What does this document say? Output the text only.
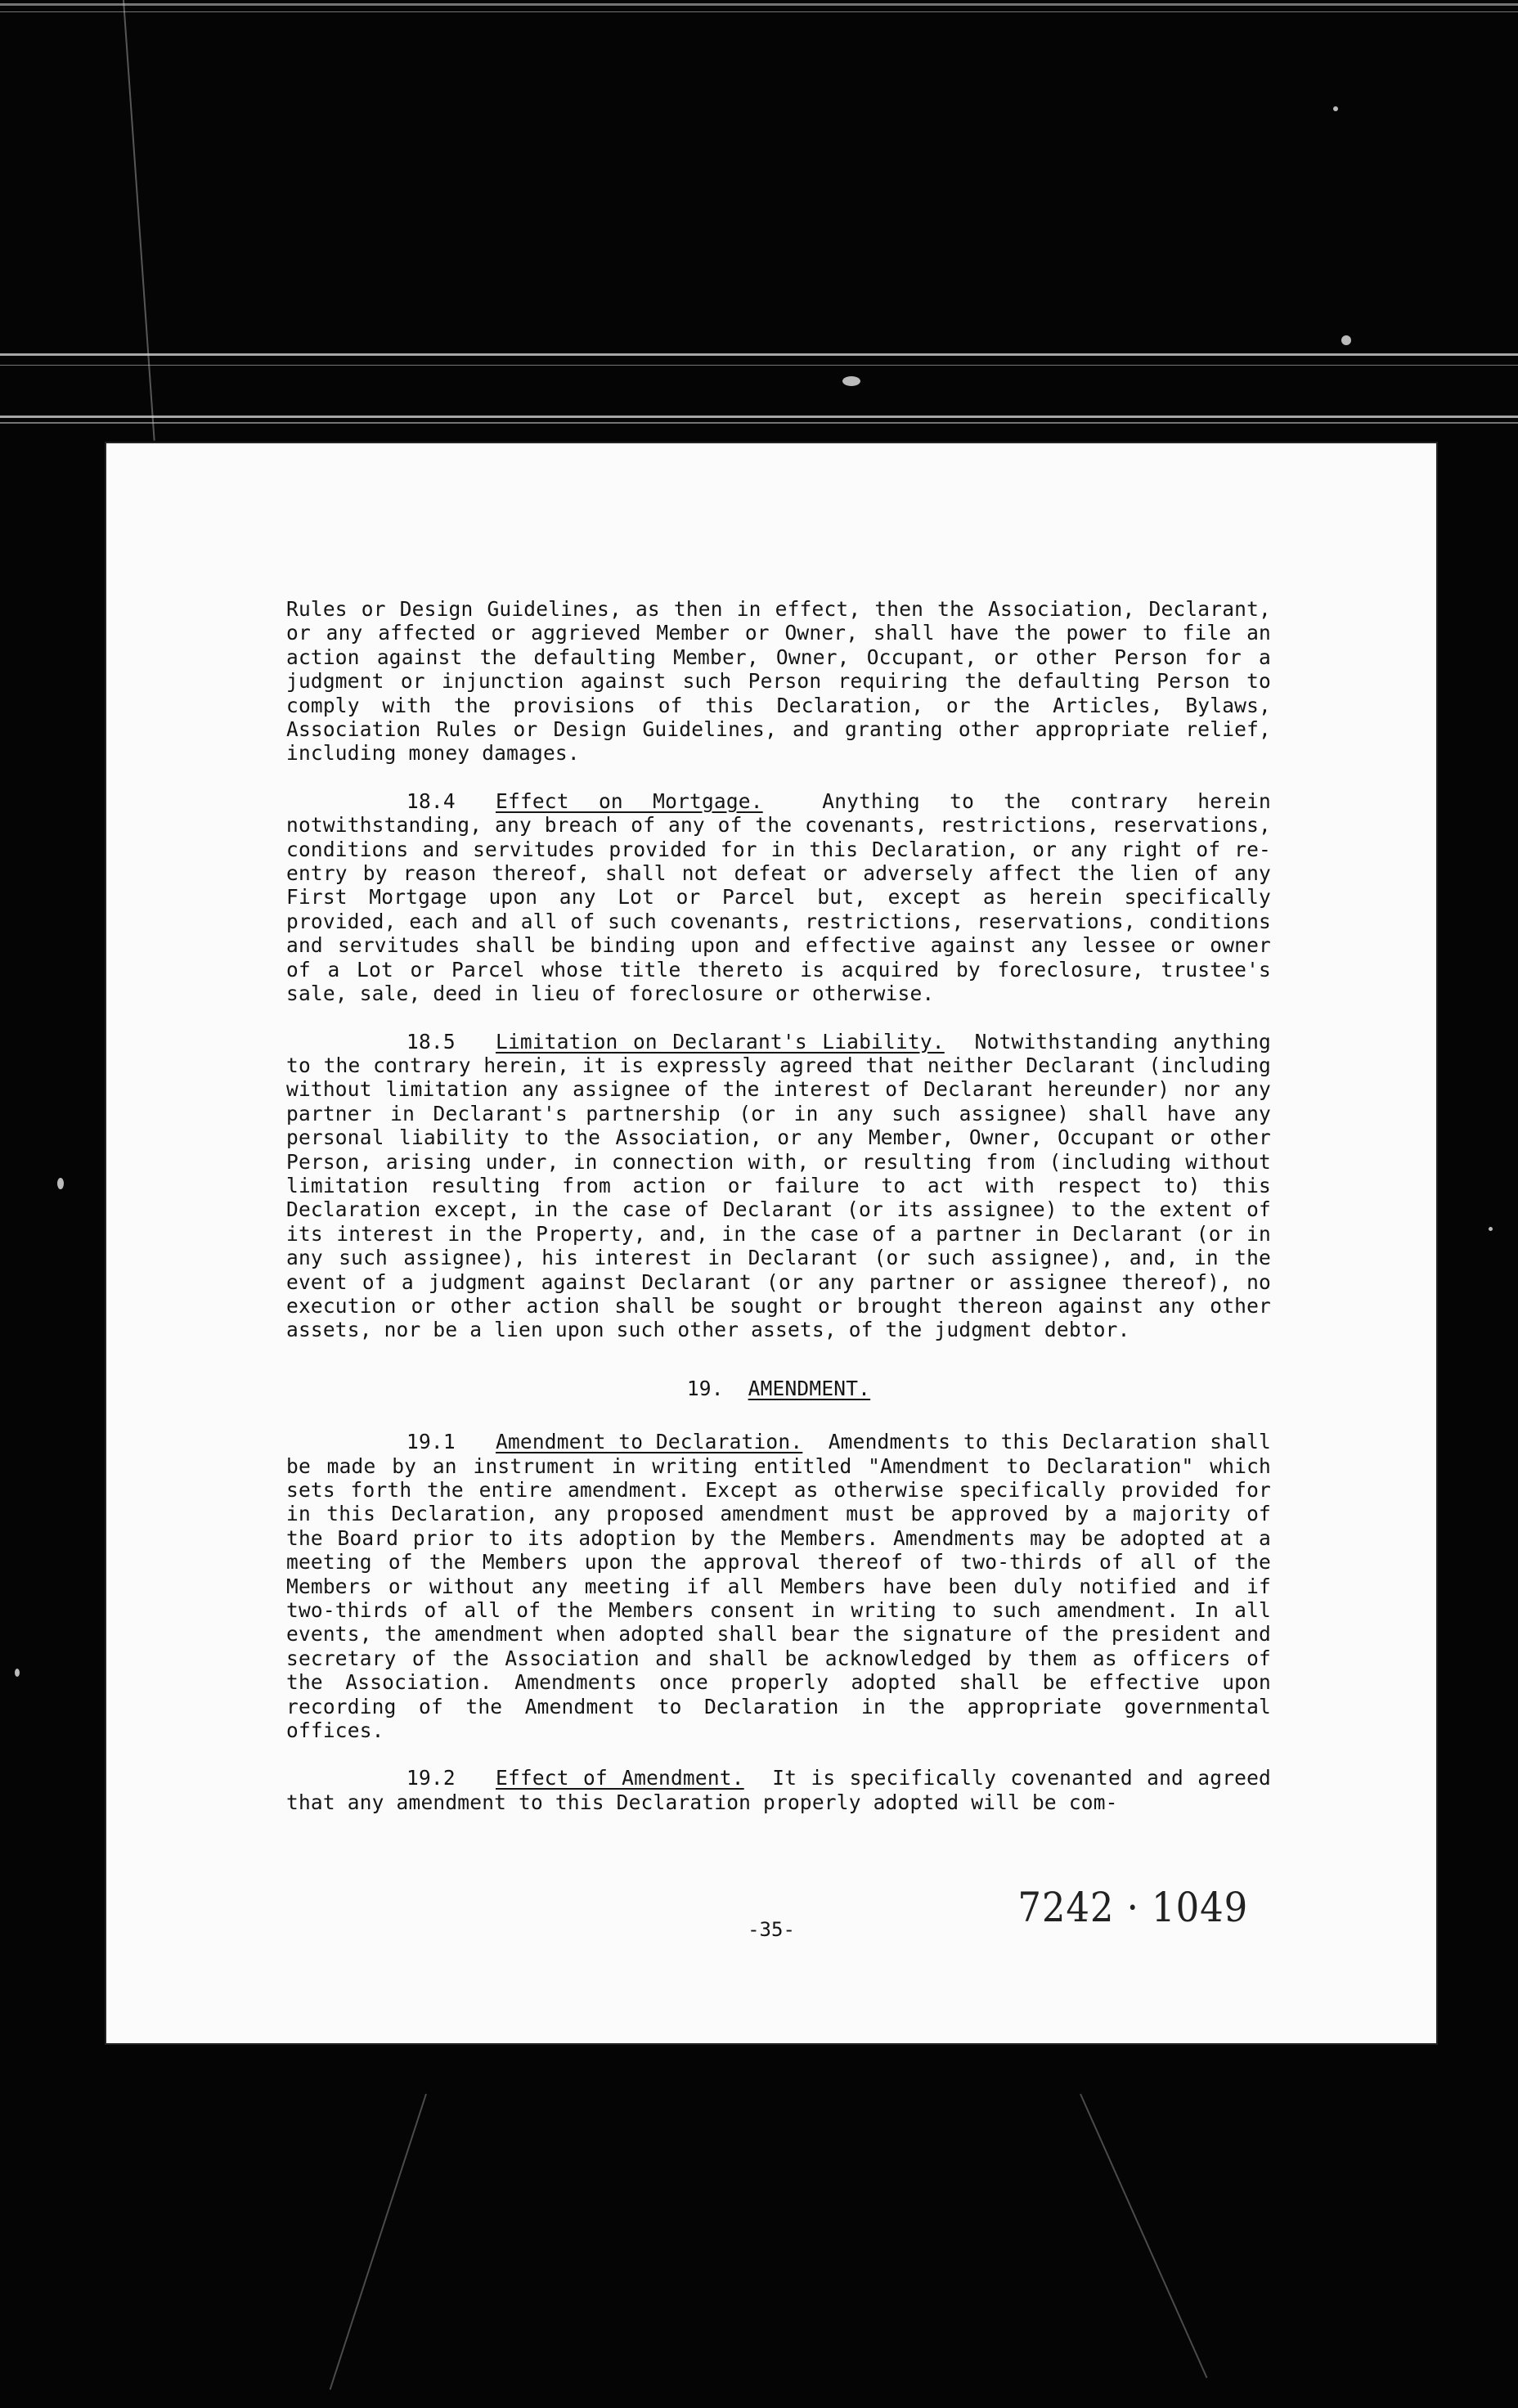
Rules or Design Guidelines, as then in effect, then the Association, Declarant, or any affected or aggrieved Member or Owner, shall have the power to file an action against the defaulting Member, Owner, Occupant, or other Person for a judgment or injunction against such Person requiring the defaulting Person to comply with the provisions of this Declaration, or the Articles, Bylaws, Association Rules or Design Guidelines, and granting other appropriate relief, including money damages.

18.4 Effect on Mortgage.	Anything to the contrary herein notwithstanding, any breach of any of the covenants, restrictions, reservations, conditions and servitudes provided for in this Declaration, or any right of re-entry by reason thereof, shall not defeat or adversely affect the lien of any First Mortgage upon any Lot or Parcel but, except as herein specifically provided, each and all of such covenants, restrictions, reservations, conditions and servitudes shall be binding upon and effective against any lessee or owner of a Lot or Parcel whose title thereto is acquired by foreclosure, trustee's sale, sale, deed in lieu of foreclosure or otherwise.

18.5 Limitation on Declarant's Liability. Notwithstanding anything to the contrary herein, it is expressly agreed that neither Declarant (including without limitation any assignee of the interest of Declarant hereunder) nor any partner in Declarant's partnership (or in any such assignee) shall have any personal liability to the Association, or any Member, Owner, Occupant or other Person, arising under, in connection with, or resulting from (including without limitation resulting from action or failure to act with respect to) this Declaration except, in the case of Declarant (or its assignee) to the extent of its interest in the Property, and, in the case of a partner in Declarant (or in any such assignee), his interest in Declarant (or such assignee), and, in the event of a judgment against Declarant (or any partner or assignee thereof), no execution or other action shall be sought or brought thereon against any other assets, nor be a lien upon such other assets, of the judgment debtor.

19. AMENDMENT.

19.1 Amendment to Declaration. Amendments to this Declaration shall be made by an instrument in writing entitled "Amendment to Declaration" which sets forth the entire amendment. Except as otherwise specifically provided for in this Declaration, any proposed amendment must be approved by a majority of the Board prior to its adoption by the Members. Amendments may be adopted at a meeting of the Members upon the approval thereof of two-thirds of all of the Members or without any meeting if all Members have been duly notified and if two-thirds of all of the Members consent in writing to such amendment. In all events, the amendment when adopted shall bear the signature of the president and secretary of the Association and shall be acknowledged by them as officers of the Association. Amendments once properly adopted shall be effective upon recording of the Amendment to Declaration in the appropriate governmental offices.

19.2 Effect of Amendment. It is specifically covenanted and agreed that any amendment to this Declaration properly adopted will be com-

7242 · 1049
-35-
